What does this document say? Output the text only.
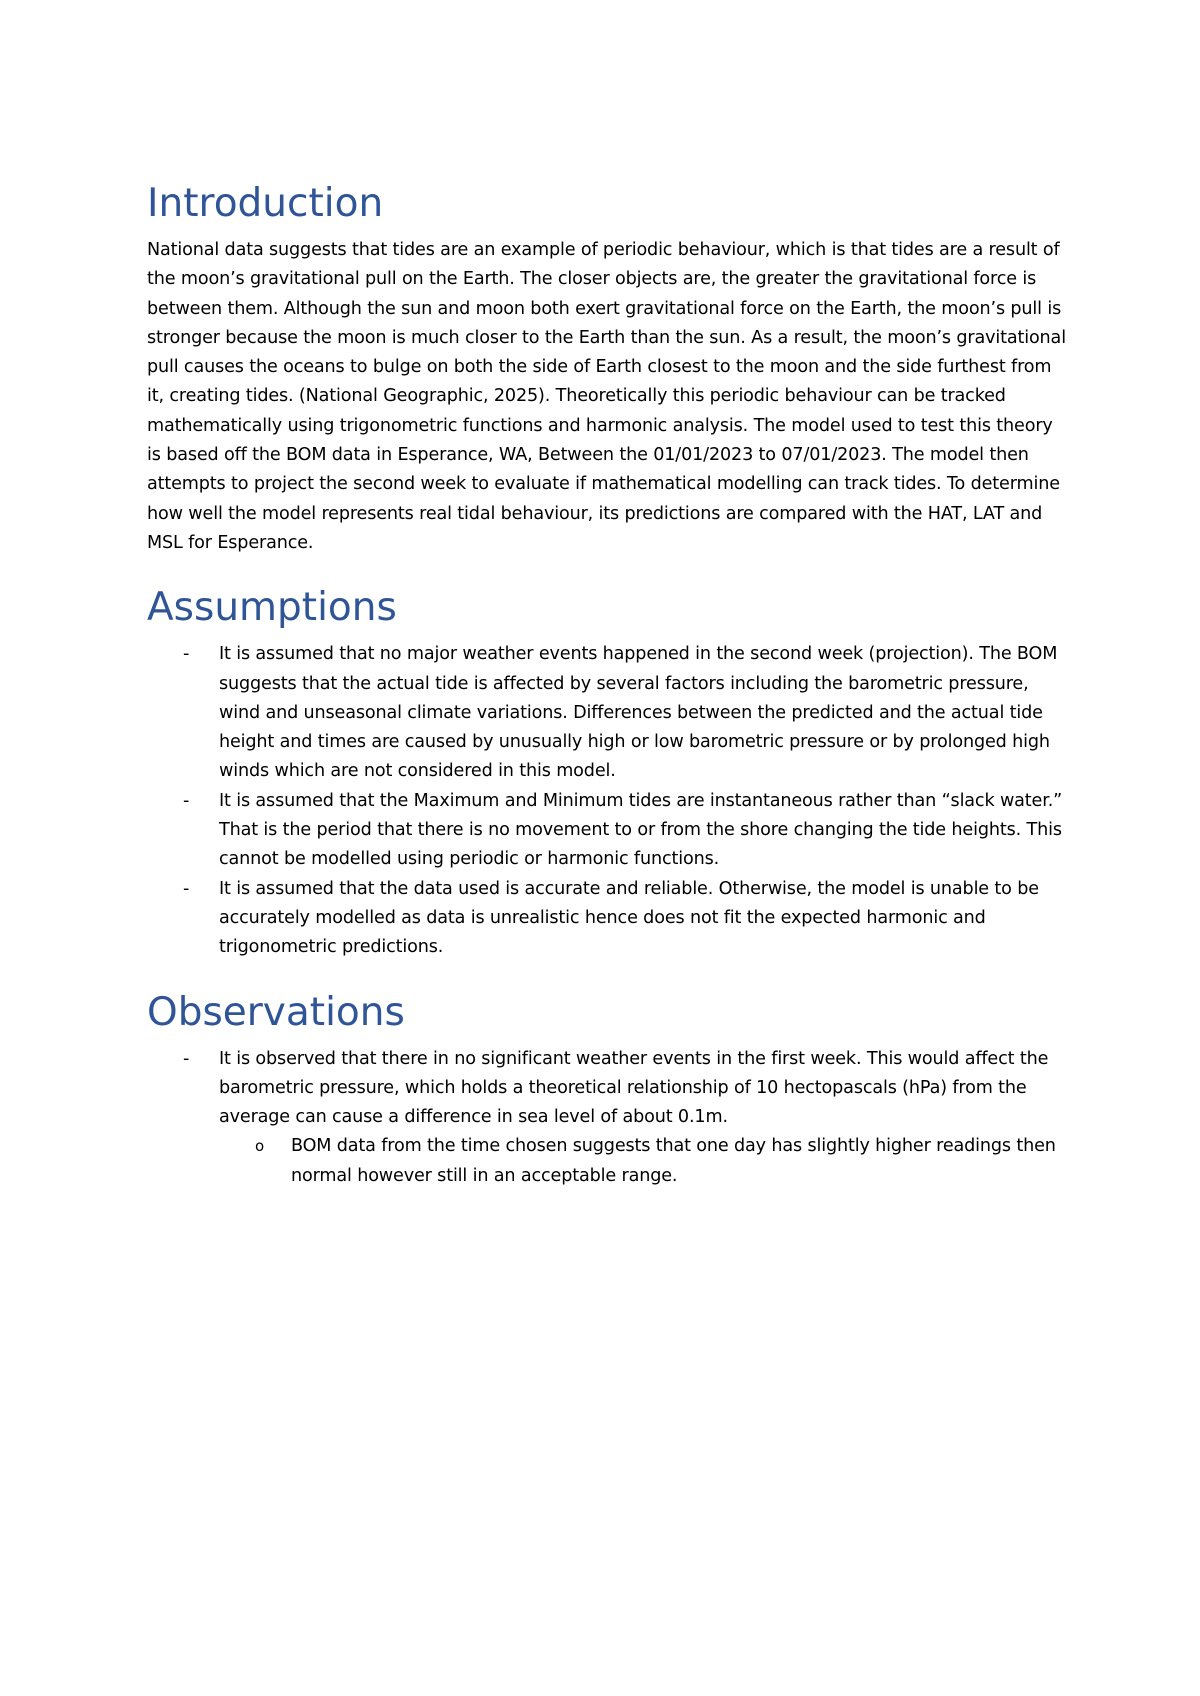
Introduction

National data suggests that tides are an example of periodic behaviour, which is that tides are a result of the moon’s gravitational pull on the Earth. The closer objects are, the greater the gravitational force is between them. Although the sun and moon both exert gravitational force on the Earth, the moon’s pull is stronger because the moon is much closer to the Earth than the sun. As a result, the moon’s gravitational pull causes the oceans to bulge on both the side of Earth closest to the moon and the side furthest from it, creating tides. (National Geographic, 2025). Theoretically this periodic behaviour can be tracked mathematically using trigonometric functions and harmonic analysis. The model used to test this theory is based off the BOM data in Esperance, WA, Between the 01/01/2023 to 07/01/2023. The model then attempts to project the second week to evaluate if mathematical modelling can track tides. To determine how well the model represents real tidal behaviour, its predictions are compared with the HAT, LAT and MSL for Esperance.

Assumptions
- It is assumed that no major weather events happened in the second week (projection). The BOM suggests that the actual tide is affected by several factors including the barometric pressure, wind and unseasonal climate variations. Differences between the predicted and the actual tide height and times are caused by unusually high or low barometric pressure or by prolonged high winds which are not considered in this model.
- It is assumed that the Maximum and Minimum tides are instantaneous rather than “slack water.” That is the period that there is no movement to or from the shore changing the tide heights. This cannot be modelled using periodic or harmonic functions.
- It is assumed that the data used is accurate and reliable. Otherwise, the model is unable to be accurately modelled as data is unrealistic hence does not fit the expected harmonic and trigonometric predictions.
Observations
- It is observed that there in no significant weather events in the first week. This would affect the barometric pressure, which holds a theoretical relationship of 10 hectopascals (hPa) from the average can cause a difference in sea level of about 0.1m.
o BOM data from the time chosen suggests that one day has slightly higher readings then normal however still in an acceptable range.
